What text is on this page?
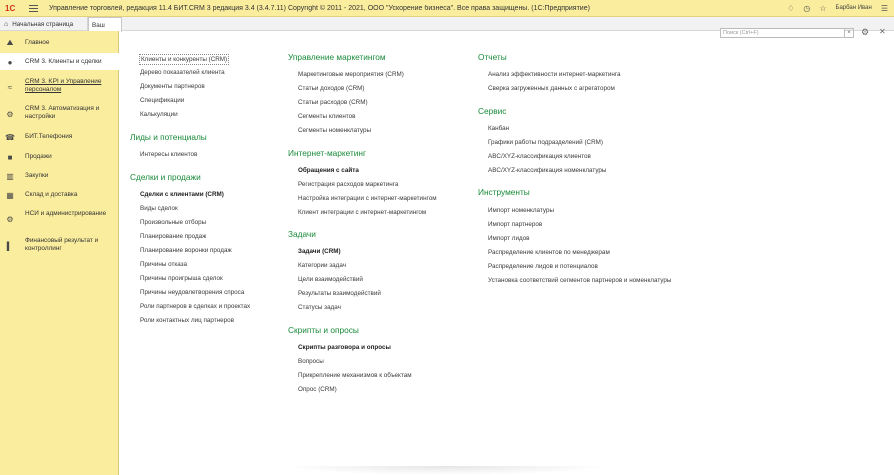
1С	Управление торговлей, редакция 11.4 БИТ.CRM 3 редакция 3.4 (3.4.7.11) Copyright © 2011 - 2021, ООО "Ускорение бизнеса". Все права защищены. (1С:Предприятие)	♢ ◷ ☆ Барбан Иван ☰
⌂ Начальная страница	Ваш
⛰ Главное
●	CRM 3. Клиенты и сделки
≈
CRM 3. KPI и Управление персоналом
⚙
CRM 3. Автоматизация и настройки
☎ БИТ.Телефония
■	Продажи
▥ Закупки
▦ Склад и доставка
⚙
НСИ и администрирование
▍
Финансовый результат и контроллинг
Поиск (Ctrl+F)	×	⚙ ✕
Клиенты и конкуренты (CRM)
Дерево показателей клиента
Документы партнеров
Спецификации
Калькуляции
Лиды и потенциалы
Интересы клиентов
Сделки и продажи
Сделки с клиентами (CRM)
Виды сделок
Произвольные отборы
Планирование продаж
Планирование воронки продаж
Причины отказа
Причины проигрыша сделок
Причины неудовлетворения спроса
Роли партнеров в сделках и проектах
Роли контактных лиц партнеров
Управление маркетингом
Маркетинговые мероприятия (CRM)
Статьи доходов (CRM)
Статьи расходов (CRM)
Сегменты клиентов
Сегменты номенклатуры
Интернет-маркетинг
Обращения с сайта
Регистрация расходов маркетинга
Настройка интеграции с интернет-маркетингом
Клиент интеграции с интернет-маркетингом
Задачи
Задачи (CRM)
Категории задач
Цели взаимодействий
Результаты взаимодействий
Статусы задач
Скрипты и опросы
Скрипты разговора и опросы
Вопросы
Прикрепление механизмов к объектам
Опрос (CRM)
Отчеты
Анализ эффективности интернет-маркетинга
Сверка загруженных данных с агрегатором
Сервис
Канбан
Графики работы подразделений (CRM)
ABC/XYZ-классификация клиентов
ABC/XYZ-классификация номенклатуры
Инструменты
Импорт номенклатуры
Импорт партнеров
Импорт лидов
Распределение клиентов по менеджерам
Распределение лидов и потенциалов
Установка соответствий сегментов партнеров и номенклатуры
